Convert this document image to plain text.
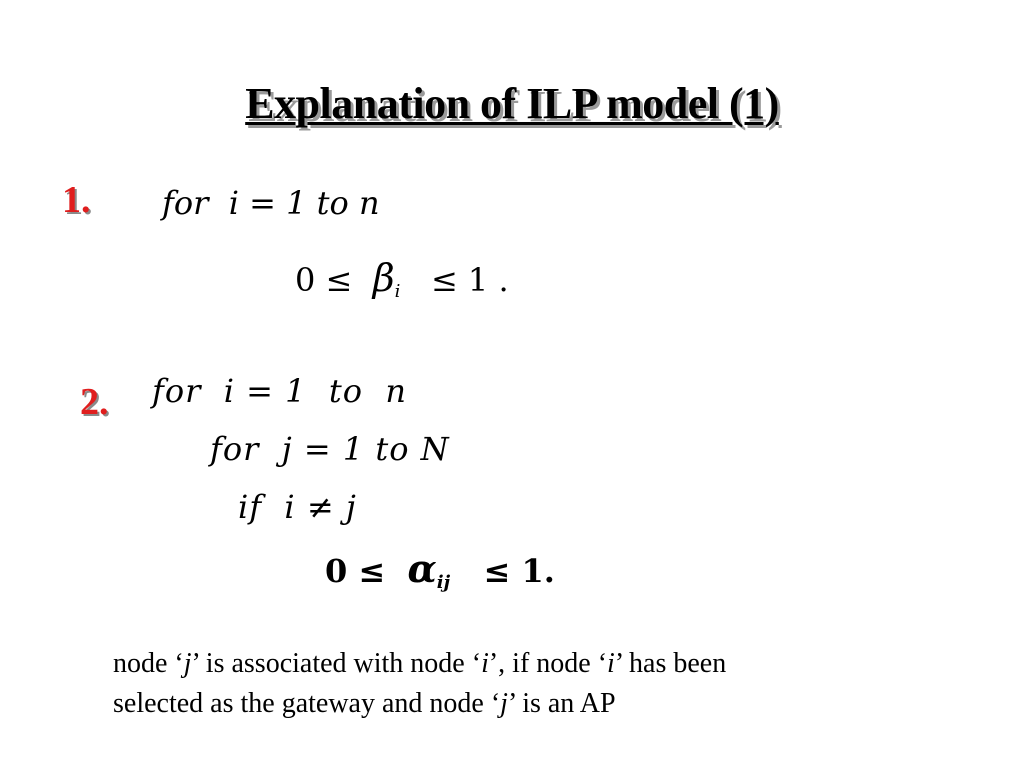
Explanation of ILP model (1)
1. for i = 1 to n
$0 \le \beta_i \le 1$ .
2. for i = 1 to n
for j = 1 to N
if i ≠ j
$0 \le \alpha_{ij} \le 1$.

node ‘j’ is associated with node ‘i’, if node ‘i’ has been

selected as the gateway and node ‘j’ is an AP
